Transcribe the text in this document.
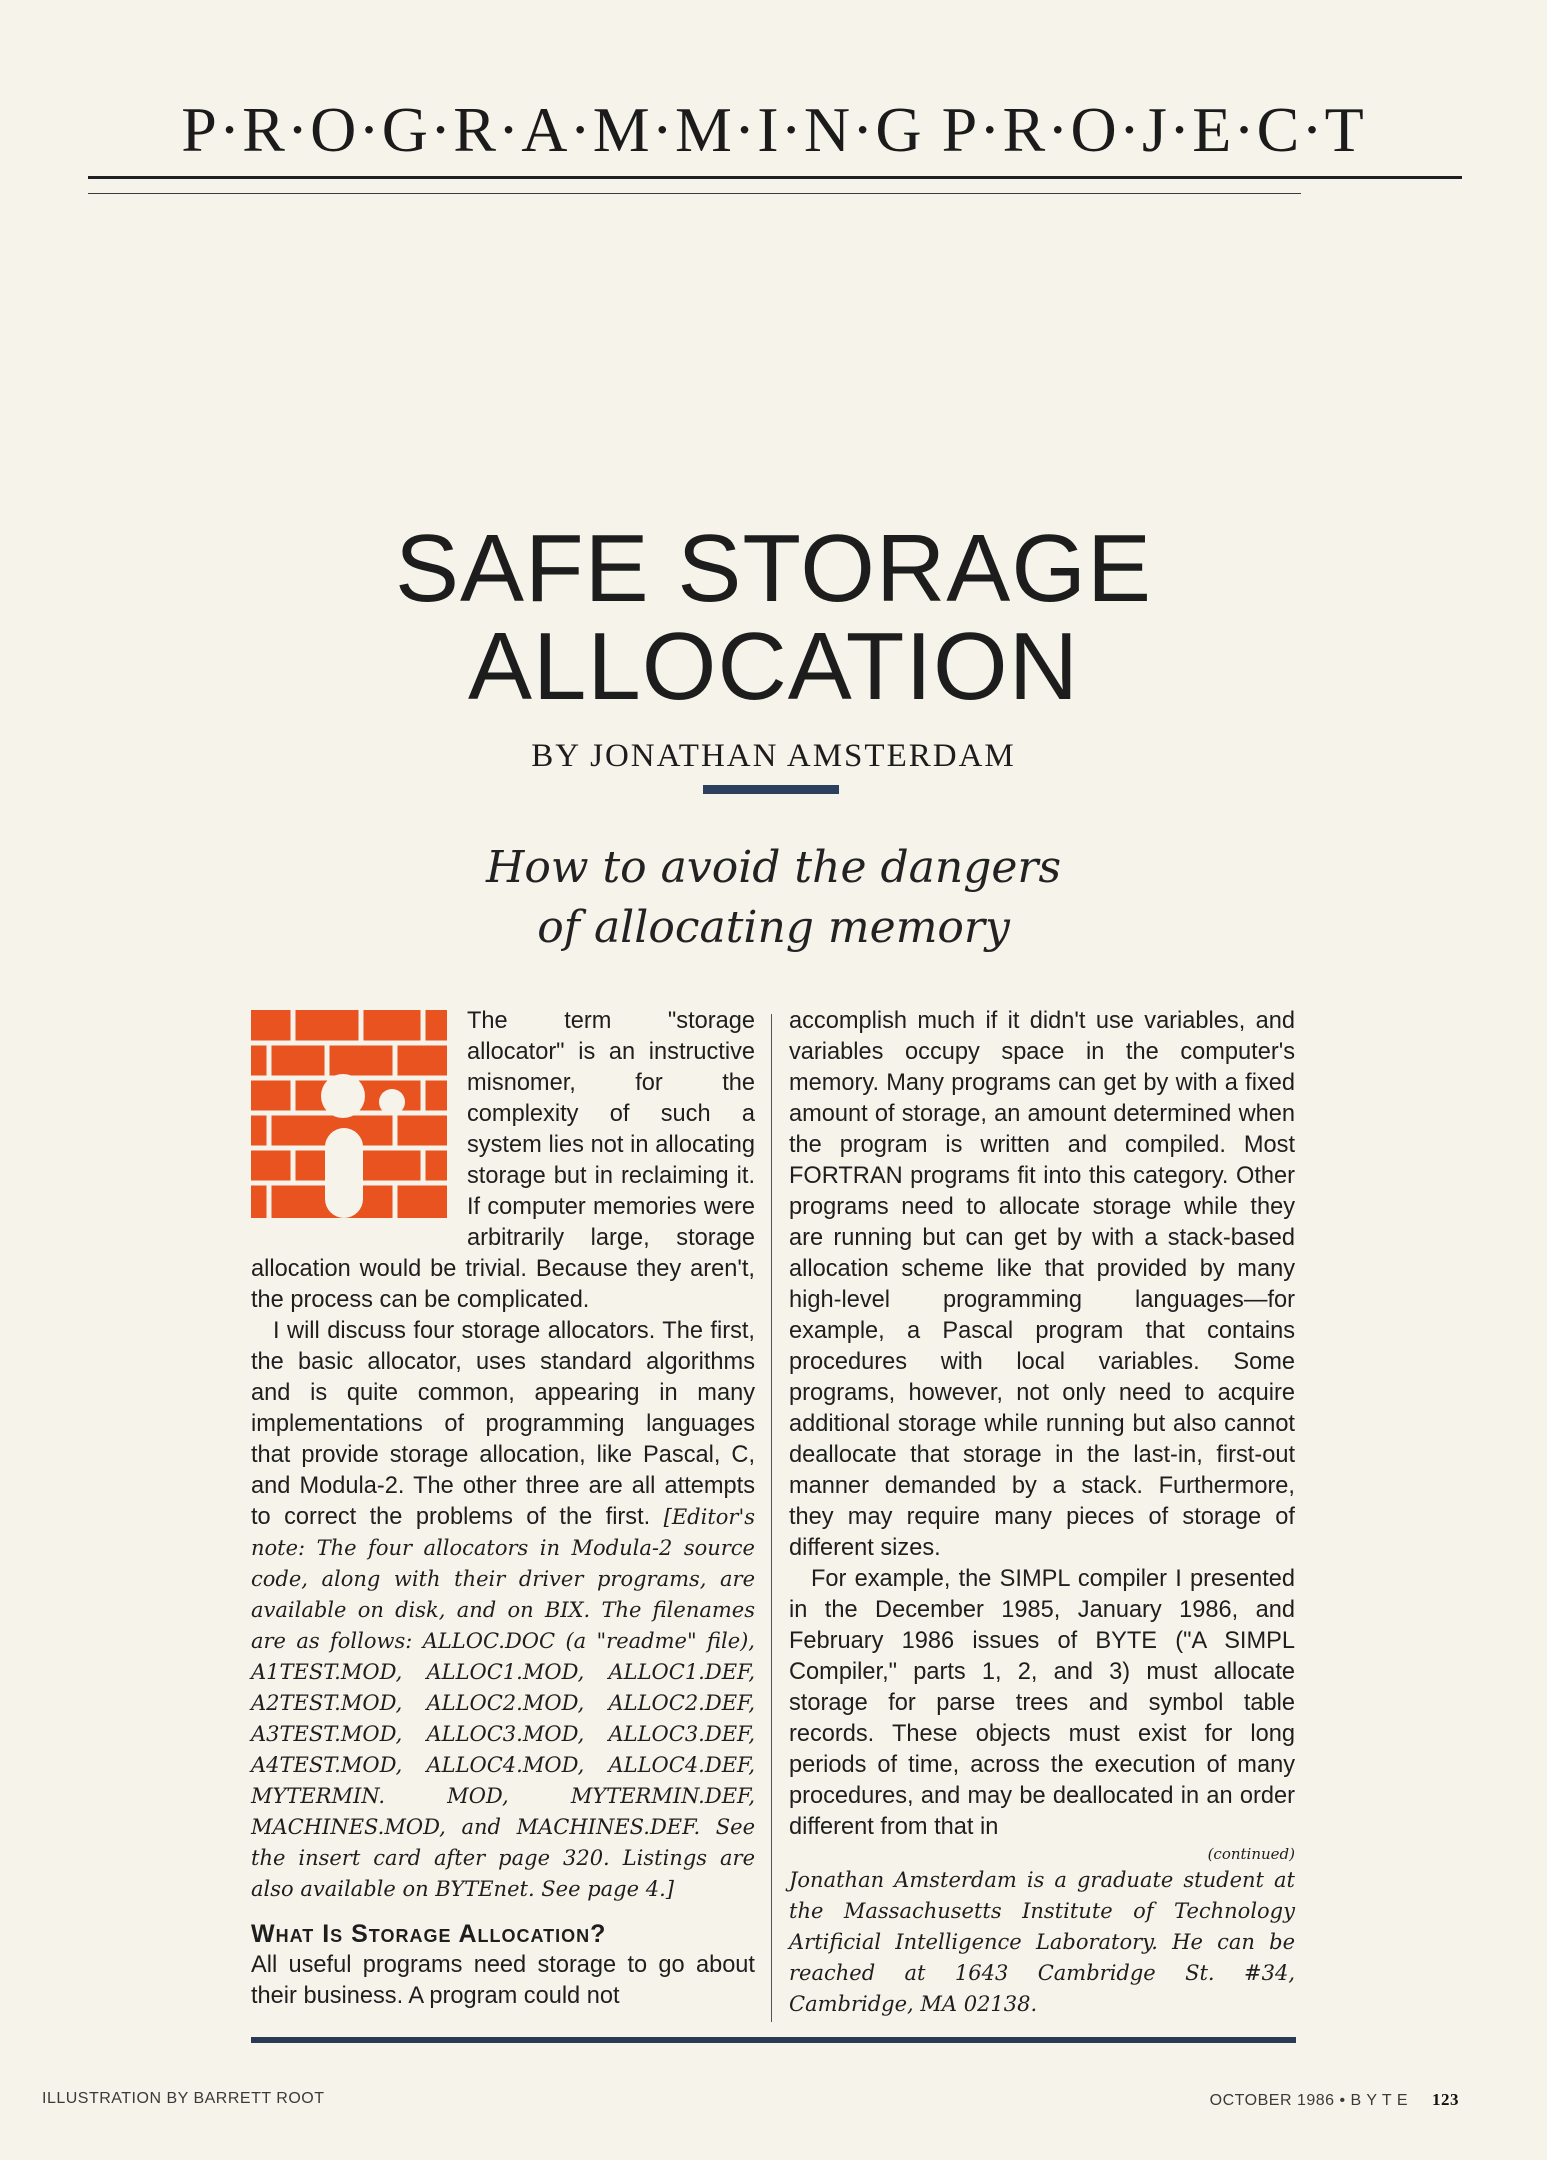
P·R·O·G·R·A·M·M·I·N·G P·R·O·J·E·C·T
SAFE STORAGE
ALLOCATION
BY JONATHAN AMSTERDAM
How to avoid the dangers
of allocating memory

The term "storage allocator" is an instructive misnomer, for the complexity of such a system lies not in allocating storage but in reclaiming it. If computer memories were arbitrarily large, storage allocation would be trivial. Because they aren't, the process can be complicated.

I will discuss four storage allocators. The first, the basic allocator, uses standard algorithms and is quite common, appearing in many implementations of programming languages that provide storage allocation, like Pascal, C, and Modula-2. The other three are all attempts to correct the problems of the first. [Editor's note: The four allocators in Modula-2 source code, along with their driver programs, are available on disk, and on BIX. The filenames are as follows: ALLOC.DOC (a "readme" file), A1TEST.MOD, ALLOC1.MOD, ALLOC1.DEF, A2TEST.MOD, ALLOC2.MOD, ALLOC2.DEF, A3TEST.MOD, ALLOC3.MOD, ALLOC3.DEF, A4TEST.MOD, ALLOC4.MOD, ALLOC4.DEF, MYTERMIN. MOD, MYTERMIN.DEF, MACHINES.MOD, and MACHINES.DEF. See the insert card after page 320. Listings are also available on BYTEnet. See page 4.]

What Is Storage Allocation?

All useful programs need storage to go about their business. A program could not

accomplish much if it didn't use variables, and variables occupy space in the computer's memory. Many programs can get by with a fixed amount of storage, an amount determined when the program is written and compiled. Most FORTRAN programs fit into this category. Other programs need to allocate storage while they are running but can get by with a stack-based allocation scheme like that provided by many high-level programming languages—for example, a Pascal program that contains procedures with local variables. Some programs, however, not only need to acquire additional storage while running but also cannot deallocate that storage in the last-in, first-out manner demanded by a stack. Furthermore, they may require many pieces of storage of different sizes.

For example, the SIMPL compiler I presented in the December 1985, January 1986, and February 1986 issues of BYTE ("A SIMPL Compiler," parts 1, 2, and 3) must allocate storage for parse trees and symbol table records. These objects must exist for long periods of time, across the execution of many procedures, and may be deallocated in an order different from that in

(continued)
Jonathan Amsterdam is a graduate student at the Massachusetts Institute of Technology Artificial Intelligence Laboratory. He can be reached at 1643 Cambridge St. #34, Cambridge, MA 02138.
ILLUSTRATION BY BARRETT ROOT	OCTOBER 1986 • B Y T E 123
